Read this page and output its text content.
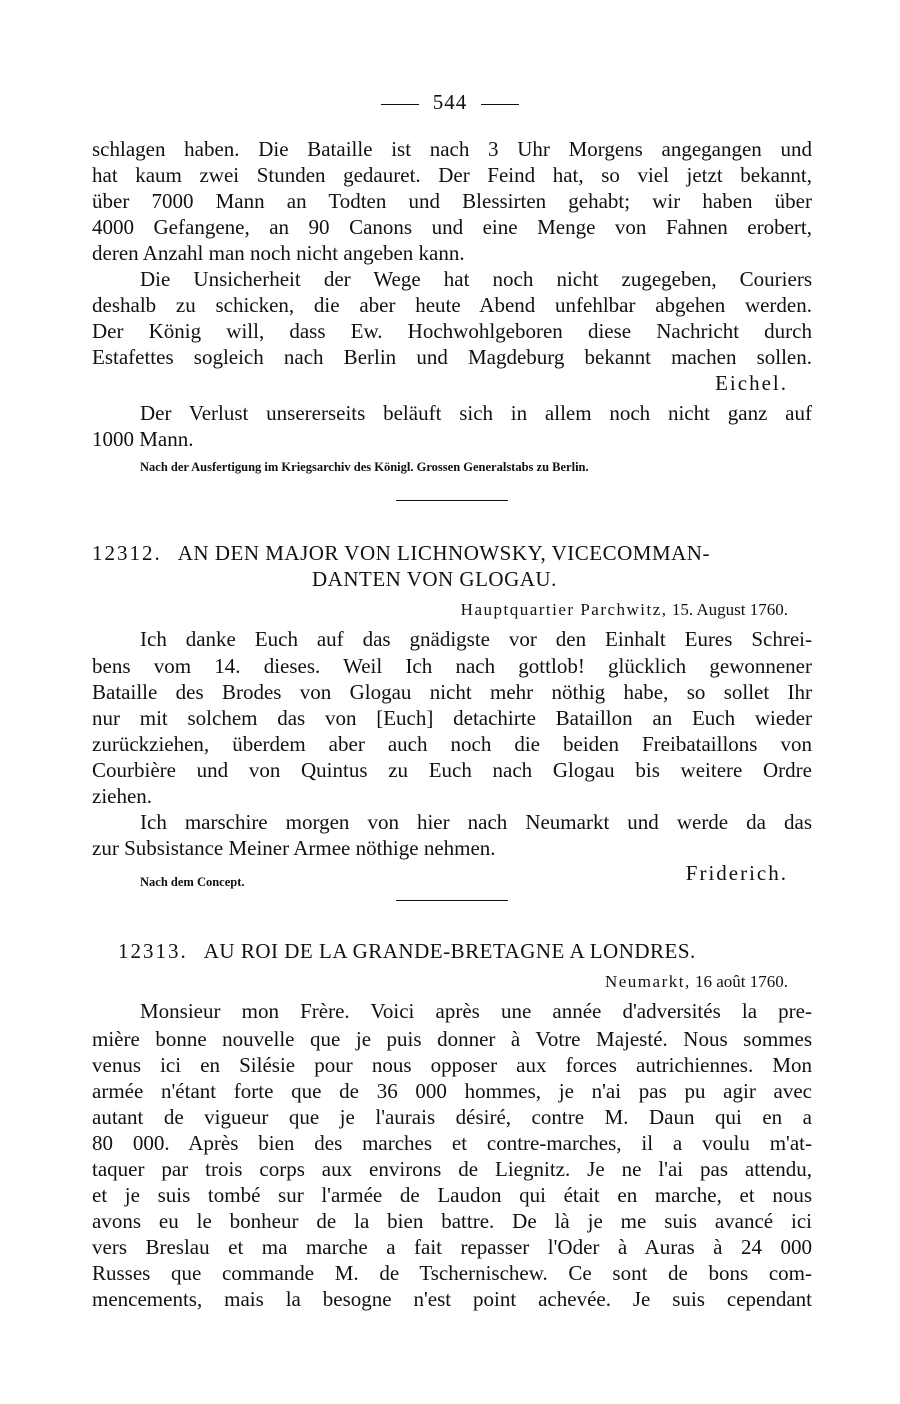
544
schlagen haben. Die Bataille ist nach 3 Uhr Morgens angegangen und
hat kaum zwei Stunden gedauret. Der Feind hat, so viel jetzt bekannt,
über 7000 Mann an Todten und Blessirten gehabt; wir haben über
4000 Gefangene, an 90 Canons und eine Menge von Fahnen erobert,
deren Anzahl man noch nicht angeben kann.
Die Unsicherheit der Wege hat noch nicht zugegeben, Couriers
deshalb zu schicken, die aber heute Abend unfehlbar abgehen werden.
Der König will, dass Ew. Hochwohlgeboren diese Nachricht durch
Estafettes sogleich nach Berlin und Magdeburg bekannt machen sollen.
Eichel.
Der Verlust unsererseits beläuft sich in allem noch nicht ganz auf
1000 Mann.
Nach der Ausfertigung im Kriegsarchiv des Königl. Grossen Generalstabs zu Berlin.
12312. AN DEN MAJOR VON LICHNOWSKY, VICECOMMAN-
DANTEN VON GLOGAU.
Hauptquartier Parchwitz, 15. August 1760.
Ich danke Euch auf das gnädigste vor den Einhalt Eures Schrei-
bens vom 14. dieses. Weil Ich nach gottlob! glücklich gewonnener
Bataille des Brodes von Glogau nicht mehr nöthig habe, so sollet Ihr
nur mit solchem das von [Euch] detachirte Bataillon an Euch wieder
zurückziehen, überdem aber auch noch die beiden Freibataillons von
Courbière und von Quintus zu Euch nach Glogau bis weitere Ordre
ziehen.
Ich marschire morgen von hier nach Neumarkt und werde da das
zur Subsistance Meiner Armee nöthige nehmen.
Nach dem Concept.	Friderich.
12313. AU ROI DE LA GRANDE-BRETAGNE A LONDRES.
Neumarkt, 16 août 1760.
Monsieur mon Frère. Voici après une année d'adversités la pre-
mière bonne nouvelle que je puis donner à Votre Majesté. Nous sommes
venus ici en Silésie pour nous opposer aux forces autrichiennes. Mon
armée n'étant forte que de 36 000 hommes, je n'ai pas pu agir avec
autant de vigueur que je l'aurais désiré, contre M. Daun qui en a
80 000. Après bien des marches et contre-marches, il a voulu m'at-
taquer par trois corps aux environs de Liegnitz. Je ne l'ai pas attendu,
et je suis tombé sur l'armée de Laudon qui était en marche, et nous
avons eu le bonheur de la bien battre. De là je me suis avancé ici
vers Breslau et ma marche a fait repasser l'Oder à Auras à 24 000
Russes que commande M. de Tschernischew. Ce sont de bons com-
mencements, mais la besogne n'est point achevée. Je suis cependant
